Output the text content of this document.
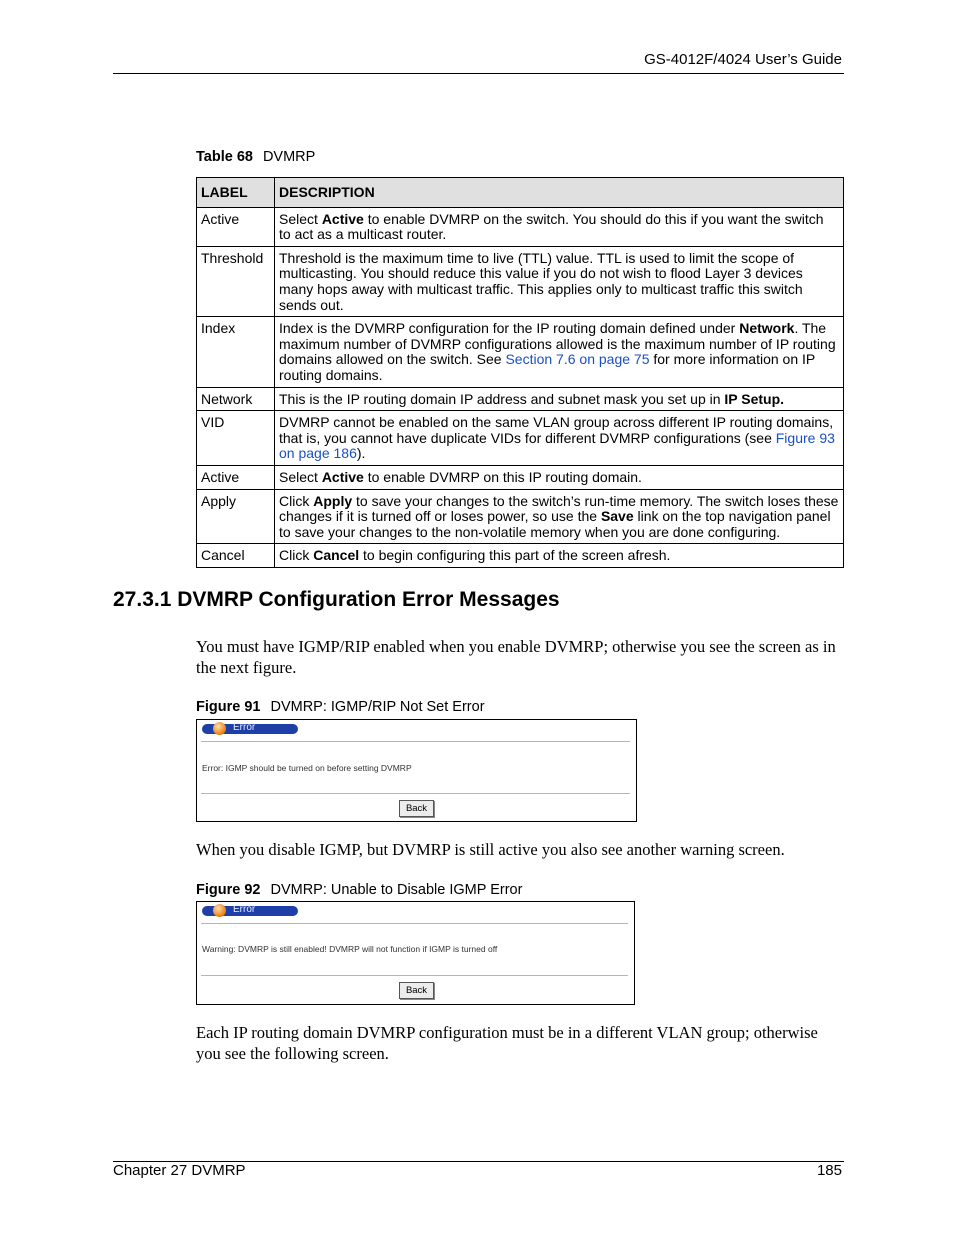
GS-4012F/4024 User’s Guide
Table 68 DVMRP
LABEL	DESCRIPTION
Active	Select Active to enable DVMRP on the switch. You should do this if you want the switch to act as a multicast router.
Threshold	Threshold is the maximum time to live (TTL) value. TTL is used to limit the scope of multicasting. You should reduce this value if you do not wish to flood Layer 3 devices many hops away with multicast traffic. This applies only to multicast traffic this switch sends out.
Index	Index is the DVMRP configuration for the IP routing domain defined under Network. The maximum number of DVMRP configurations allowed is the maximum number of IP routing domains allowed on the switch. See Section 7.6 on page 75 for more information on IP routing domains.
Network	This is the IP routing domain IP address and subnet mask you set up in IP Setup.
VID	DVMRP cannot be enabled on the same VLAN group across different IP routing domains, that is, you cannot have duplicate VIDs for different DVMRP configurations (see Figure 93 on page 186).
Active	Select Active to enable DVMRP on this IP routing domain.
Apply	Click Apply to save your changes to the switch’s run-time memory. The switch loses these changes if it is turned off or loses power, so use the Save link on the top navigation panel to save your changes to the non-volatile memory when you are done configuring.
Cancel	Click Cancel to begin configuring this part of the screen afresh.
27.3.1 DVMRP Configuration Error Messages
You must have IGMP/RIP enabled when you enable DVMRP; otherwise you see the screen as in the next figure.
Figure 91 DVMRP: IGMP/RIP Not Set Error
Error
Error: IGMP should be turned on before setting DVMRP
Back
When you disable IGMP, but DVMRP is still active you also see another warning screen.
Figure 92 DVMRP: Unable to Disable IGMP Error
Error
Warning: DVMRP is still enabled! DVMRP will not function if IGMP is turned off
Back
Each IP routing domain DVMRP configuration must be in a different VLAN group; otherwise you see the following screen.
Chapter 27 DVMRP	185
